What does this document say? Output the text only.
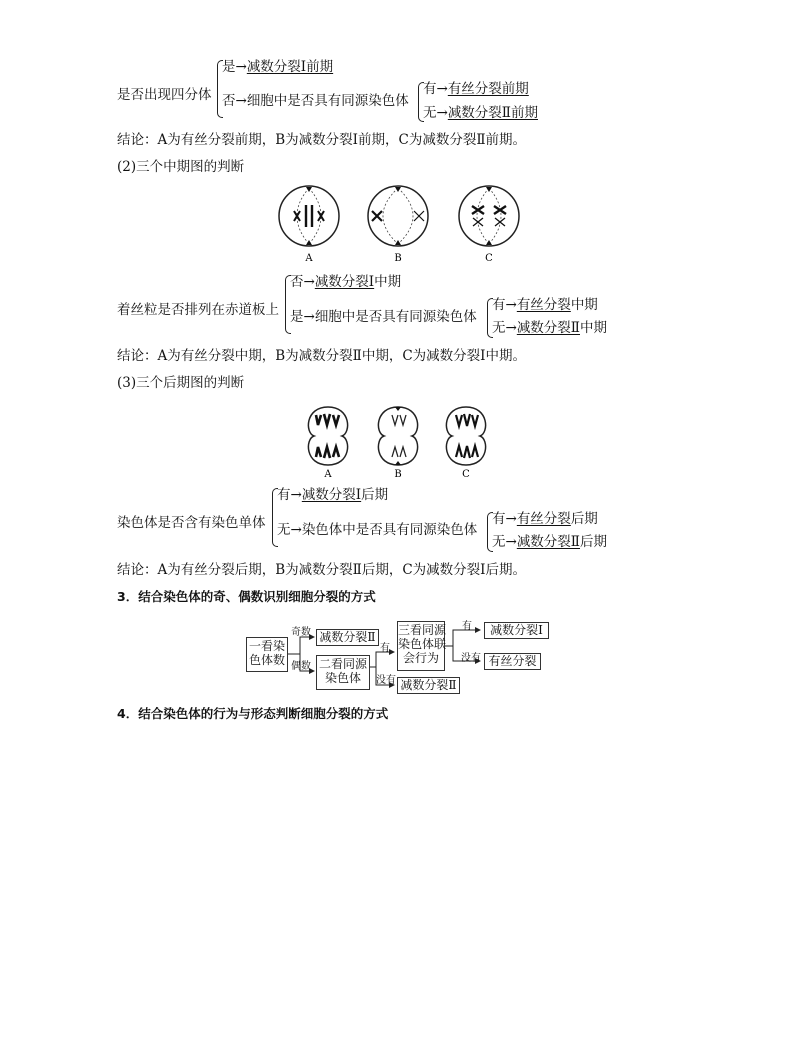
是否出现四分体
是→减数分裂Ⅰ前期
否→细胞中是否具有同源染色体
有→有丝分裂前期
无→减数分裂Ⅱ前期
结论：A为有丝分裂前期，B为减数分裂Ⅰ前期，C为减数分裂Ⅱ前期。
(2)三个中期图的判断
A	B	C
着丝粒是否排列在赤道板上
否→减数分裂Ⅰ中期
是→细胞中是否具有同源染色体
有→有丝分裂中期
无→减数分裂Ⅱ中期
结论：A为有丝分裂中期，B为减数分裂Ⅱ中期，C为减数分裂Ⅰ中期。
(3)三个后期图的判断
A	B	C
染色体是否含有染色单体
有→减数分裂Ⅰ后期
无→染色体中是否具有同源染色体
有→有丝分裂后期
无→减数分裂Ⅱ后期
结论：A为有丝分裂后期，B为减数分裂Ⅱ后期，C为减数分裂Ⅰ后期。
3．结合染色体的奇、偶数识别细胞分裂的方式
一看染
色体数
奇数 减数分裂Ⅱ
偶数 二看同源
染色体
有
没有 减数分裂Ⅱ
三看同源
染色体联
会行为
有	减数分裂Ⅰ
没有 有丝分裂
4．结合染色体的行为与形态判断细胞分裂的方式
